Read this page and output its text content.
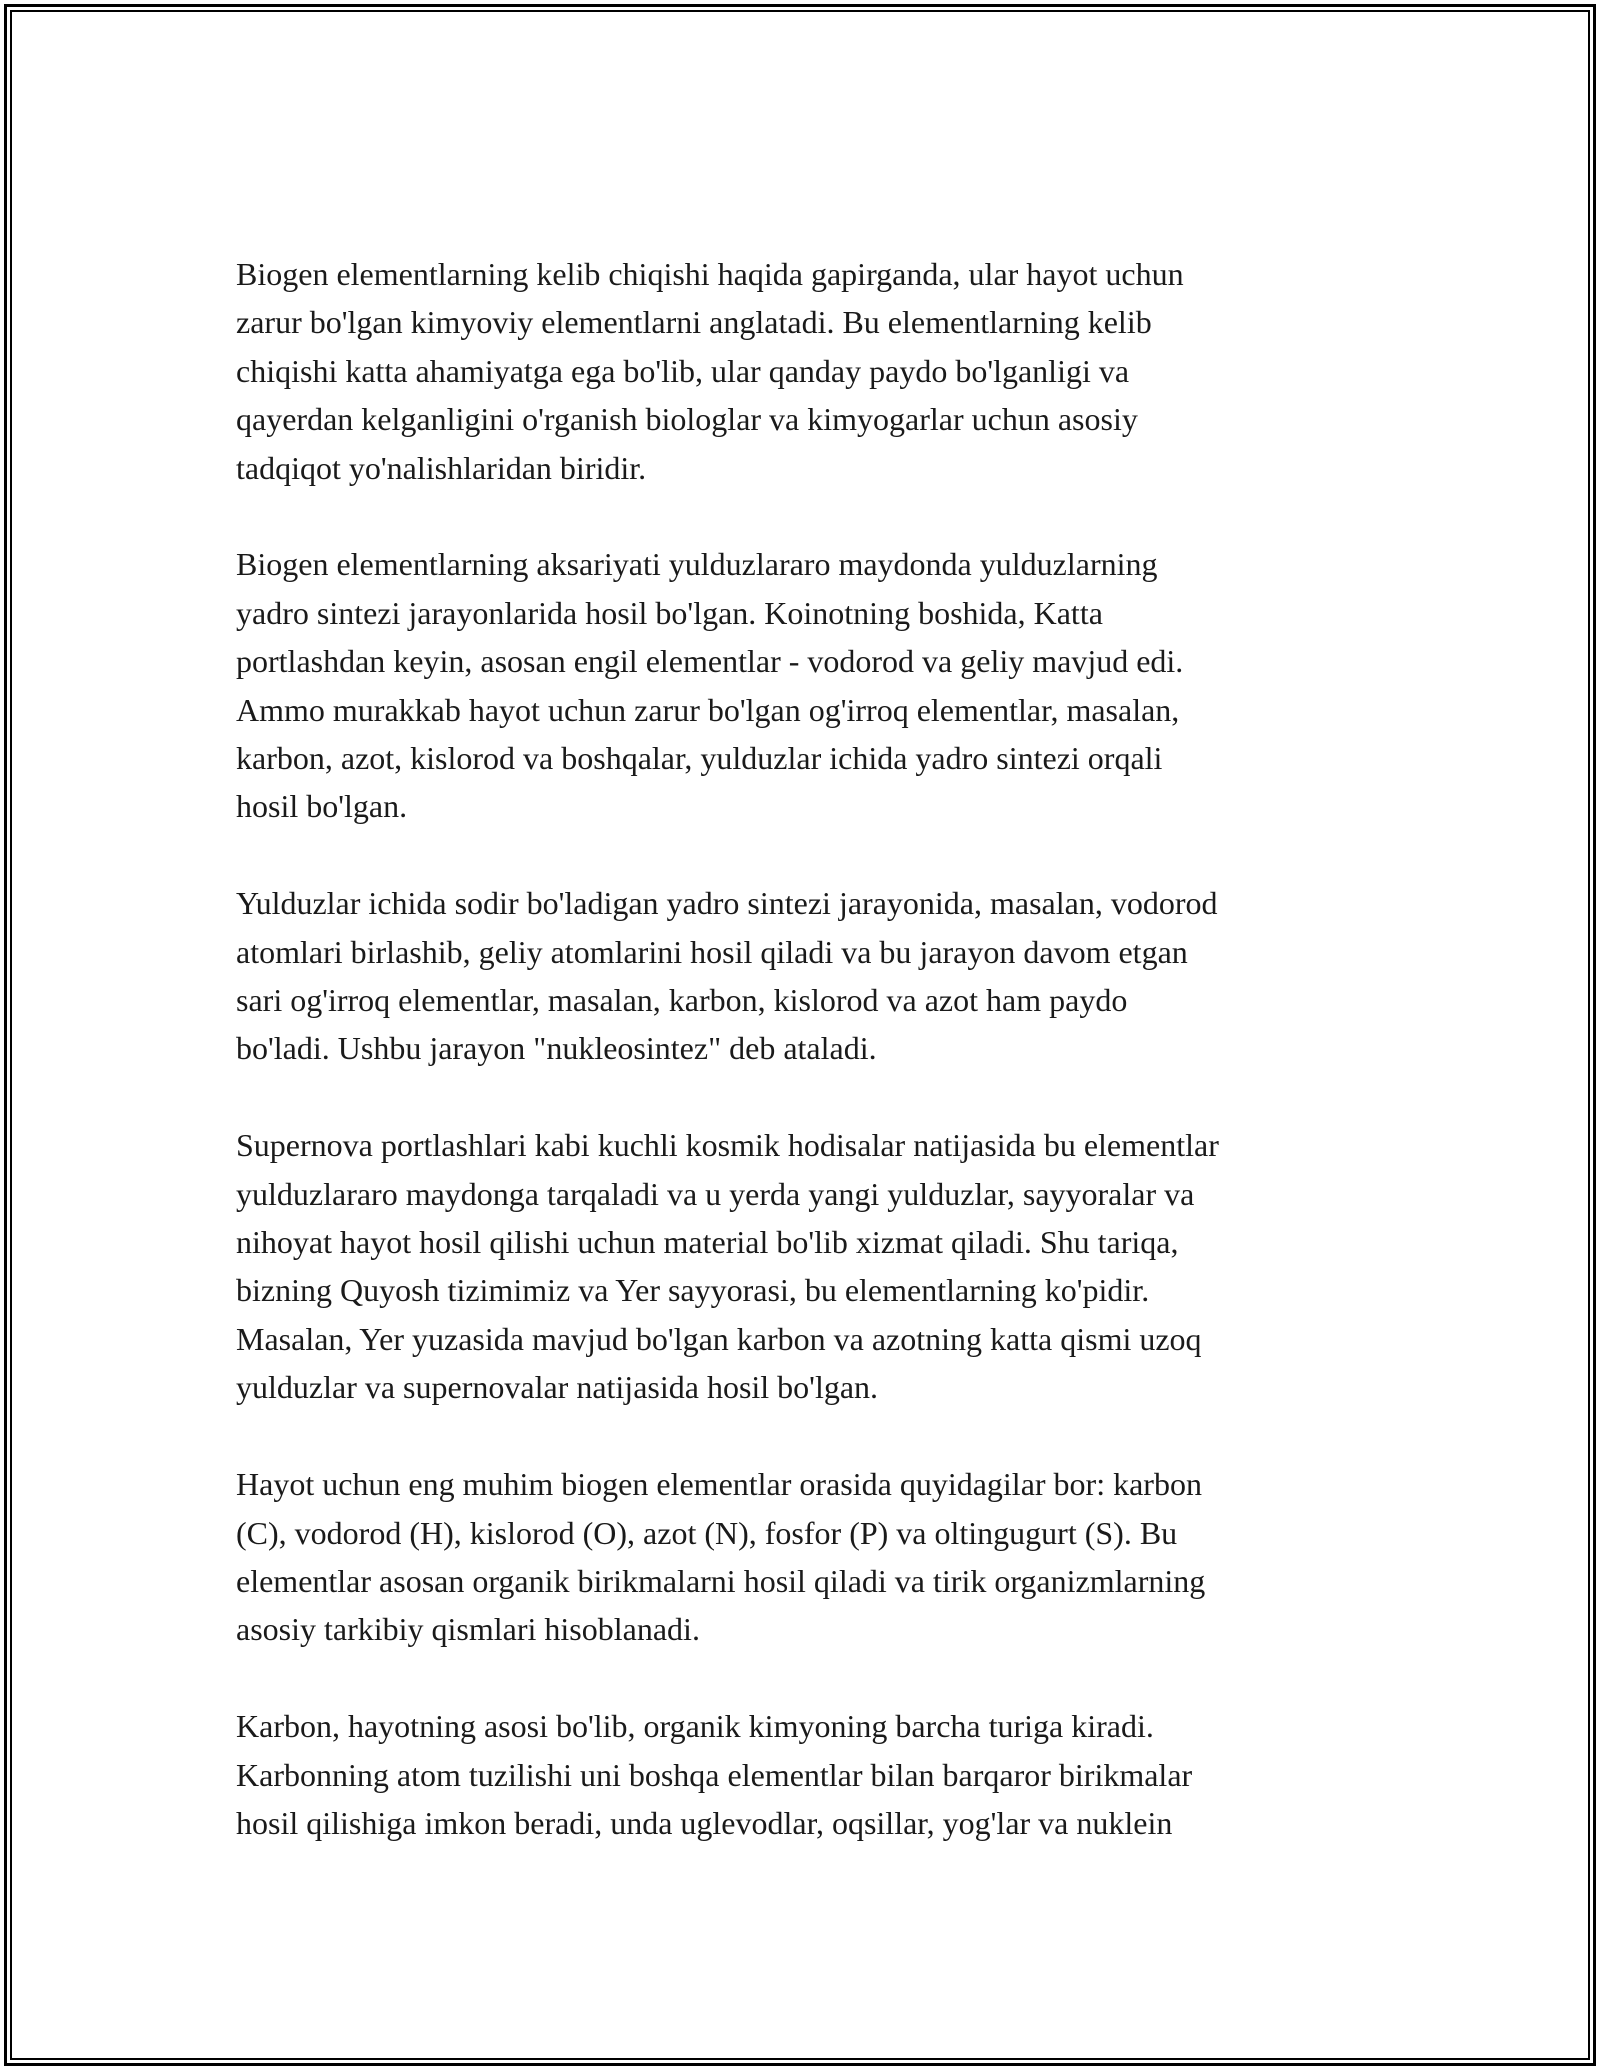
Biogen elementlarning kelib chiqishi haqida gapirganda, ular hayot uchun
zarur bo'lgan kimyoviy elementlarni anglatadi. Bu elementlarning kelib
chiqishi katta ahamiyatga ega bo'lib, ular qanday paydo bo'lganligi va
qayerdan kelganligini o'rganish biologlar va kimyogarlar uchun asosiy
tadqiqot yo'nalishlaridan biridir.

Biogen elementlarning aksariyati yulduzlararo maydonda yulduzlarning
yadro sintezi jarayonlarida hosil bo'lgan. Koinotning boshida, Katta
portlashdan keyin, asosan engil elementlar - vodorod va geliy mavjud edi.
Ammo murakkab hayot uchun zarur bo'lgan og'irroq elementlar, masalan,
karbon, azot, kislorod va boshqalar, yulduzlar ichida yadro sintezi orqali
hosil bo'lgan.

Yulduzlar ichida sodir bo'ladigan yadro sintezi jarayonida, masalan, vodorod
atomlari birlashib, geliy atomlarini hosil qiladi va bu jarayon davom etgan
sari og'irroq elementlar, masalan, karbon, kislorod va azot ham paydo
bo'ladi. Ushbu jarayon "nukleosintez" deb ataladi.

Supernova portlashlari kabi kuchli kosmik hodisalar natijasida bu elementlar
yulduzlararo maydonga tarqaladi va u yerda yangi yulduzlar, sayyoralar va
nihoyat hayot hosil qilishi uchun material bo'lib xizmat qiladi. Shu tariqa,
bizning Quyosh tizimimiz va Yer sayyorasi, bu elementlarning ko'pidir.
Masalan, Yer yuzasida mavjud bo'lgan karbon va azotning katta qismi uzoq
yulduzlar va supernovalar natijasida hosil bo'lgan.

Hayot uchun eng muhim biogen elementlar orasida quyidagilar bor: karbon
(C), vodorod (H), kislorod (O), azot (N), fosfor (P) va oltingugurt (S). Bu
elementlar asosan organik birikmalarni hosil qiladi va tirik organizmlarning
asosiy tarkibiy qismlari hisoblanadi.

Karbon, hayotning asosi bo'lib, organik kimyoning barcha turiga kiradi.
Karbonning atom tuzilishi uni boshqa elementlar bilan barqaror birikmalar
hosil qilishiga imkon beradi, unda uglevodlar, oqsillar, yog'lar va nuklein
